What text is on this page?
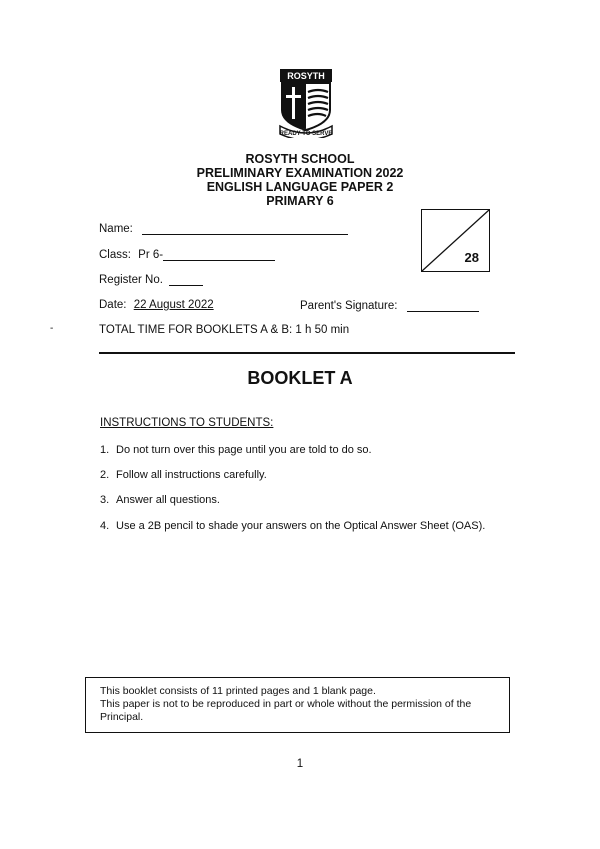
ROSYTH
READY TO SERVE
ROSYTH SCHOOL
PRELIMINARY EXAMINATION 2022
ENGLISH LANGUAGE PAPER 2
PRIMARY 6
Name:
Class: Pr 6-
Register No.
Date: 22 August 2022	Parent's Signature:
TOTAL TIME FOR BOOKLETS A & B: 1 h 50 min
-
28
BOOKLET A
INSTRUCTIONS TO STUDENTS:
1. Do not turn over this page until you are told to do so.
2. Follow all instructions carefully.
3. Answer all questions.
4. Use a 2B pencil to shade your answers on the Optical Answer Sheet (OAS).
This booklet consists of 11 printed pages and 1 blank page.
This paper is not to be reproduced in part or whole without the permission of the
Principal.
1
